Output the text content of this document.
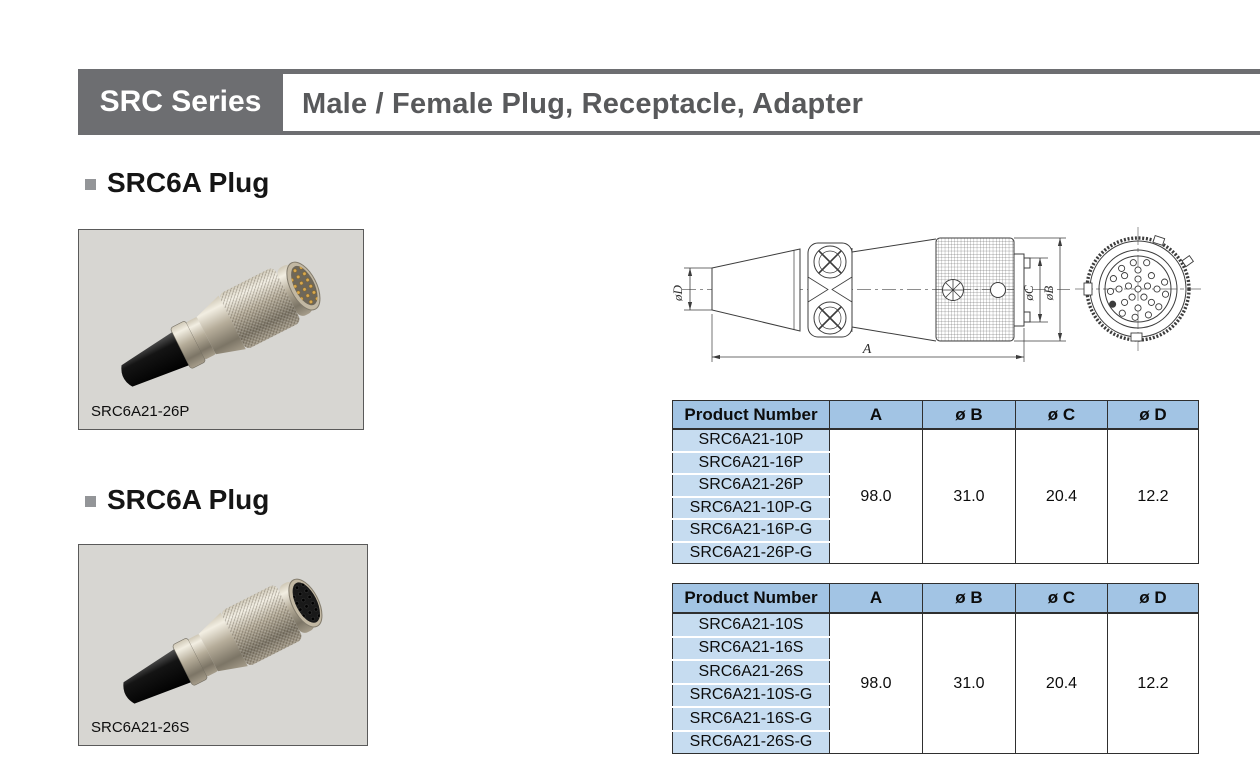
SRC Series Male / Female Plug, Receptacle, Adapter
SRC6A Plug
SRC6A21-26P
SRC6A Plug
SRC6A21-26S
øD	øC øB
A
Product Number	A	ø B	ø C	ø D
SRC6A21-10P	98.0	31.0	20.4	12.2
SRC6A21-16P				
SRC6A21-26P				
SRC6A21-10P-G				
SRC6A21-16P-G				
SRC6A21-26P-G				
Product Number	A	ø B	ø C	ø D
SRC6A21-10S	98.0	31.0	20.4	12.2
SRC6A21-16S				
SRC6A21-26S				
SRC6A21-10S-G				
SRC6A21-16S-G				
SRC6A21-26S-G				
